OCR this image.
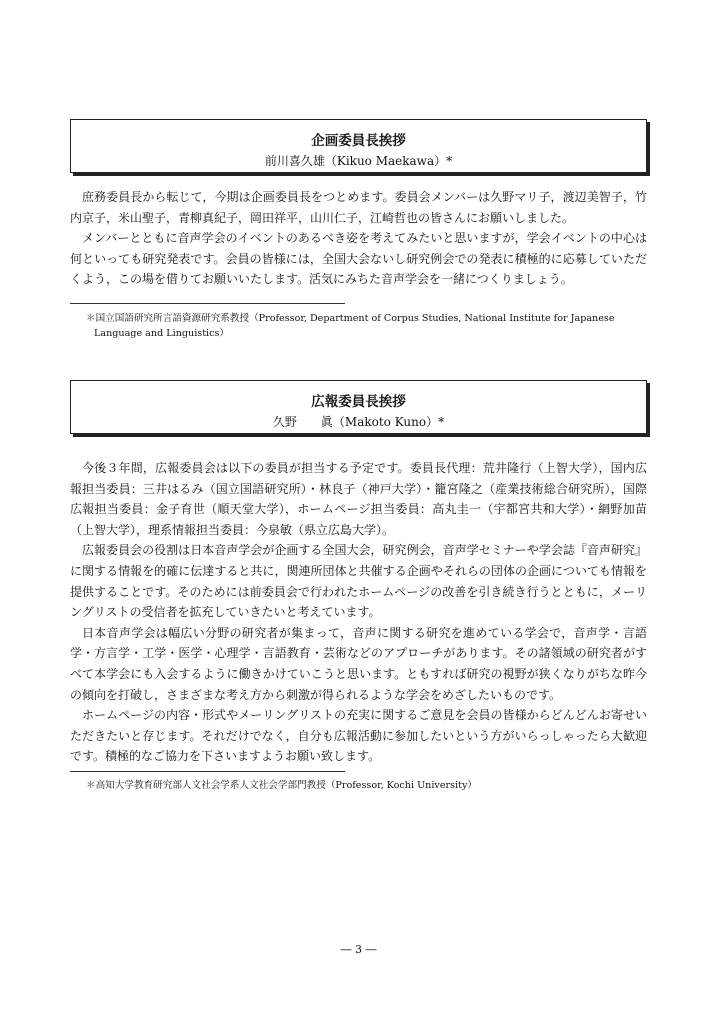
企画委員長挨拶
前川喜久雄（Kikuo Maekawa）*

庶務委員長から転じて，今期は企画委員長をつとめます。委員会メンバーは久野マリ子，渡辺美智子，竹内京子，米山聖子，青柳真紀子，岡田祥平，山川仁子，江崎哲也の皆さんにお願いしました。

メンバーとともに音声学会のイベントのあるべき姿を考えてみたいと思いますが，学会イベントの中心は何といっても研究発表です。会員の皆様には，全国大会ないし研究例会での発表に積極的に応募していただくよう，この場を借りてお願いいたします。活気にみちた音声学会を一緒につくりましょう。

＊国立国語研究所言語資源研究系教授（Professor, Department of Corpus Studies, National Institute for Japanese
Language and Linguistics）
広報委員長挨拶
久野　　眞（Makoto Kuno）*

今後３年間，広報委員会は以下の委員が担当する予定です。委員長代理：荒井隆行（上智大学），国内広報担当委員：三井はるみ（国立国語研究所）・林良子（神戸大学）・籠宮隆之（産業技術総合研究所），国際広報担当委員：金子育世（順天堂大学），ホームページ担当委員：高丸圭一（宇都宮共和大学）・網野加苗（上智大学），理系情報担当委員：今泉敏（県立広島大学）。

広報委員会の役割は日本音声学会が企画する全国大会，研究例会，音声学セミナーや学会誌『音声研究』に関する情報を的確に伝達すると共に，関連所団体と共催する企画やそれらの団体の企画についても情報を提供することです。そのためには前委員会で行われたホームページの改善を引き続き行うとともに，メーリングリストの受信者を拡充していきたいと考えています。

日本音声学会は幅広い分野の研究者が集まって，音声に関する研究を進めている学会で，音声学・言語学・方言学・工学・医学・心理学・言語教育・芸術などのアプローチがあります。その諸領域の研究者がすべて本学会にも入会するように働きかけていこうと思います。ともすれば研究の視野が狭くなりがちな昨今の傾向を打破し，さまざまな考え方から刺激が得られるような学会をめざしたいものです。

ホームページの内容・形式やメーリングリストの充実に関するご意見を会員の皆様からどんどんお寄せいただきたいと存じます。それだけでなく，自分も広報活動に参加したいという方がいらっしゃったら大歓迎です。積極的なご協力を下さいますようお願い致します。

＊高知大学教育研究部人文社会学系人文社会学部門教授（Professor, Kochi University）
― 3 ―
